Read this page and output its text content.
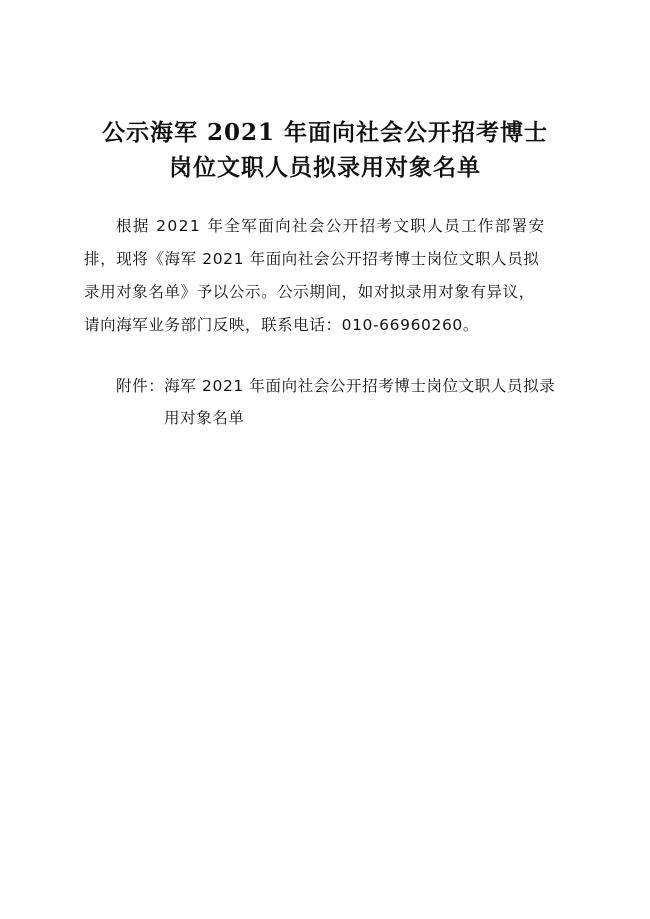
公示海军 2021 年面向社会公开招考博士
岗位文职人员拟录用对象名单
根据 2021 年全军面向社会公开招考文职人员工作部署安
排，现将《海军 2021 年面向社会公开招考博士岗位文职人员拟
录用对象名单》予以公示。公示期间，如对拟录用对象有异议，
请向海军业务部门反映，联系电话：010-66960260。
附件：海军 2021 年面向社会公开招考博士岗位文职人员拟录
用对象名单
